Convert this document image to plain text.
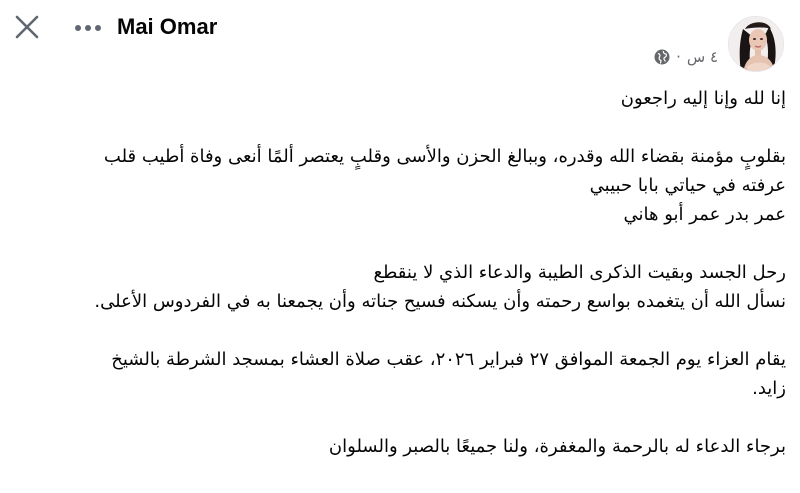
Mai Omar
٤ س
·

إنا لله وإنا إليه راجعون

بقلوبٍ مؤمنة بقضاء الله وقدره، وببالغ الحزن والأسى وقلبٍ يعتصر ألمًا أنعى وفاة أطيب قلب
عرفته في حياتي بابا حبيبي
عمر بدر عمر أبو هاني

رحل الجسد وبقيت الذكرى الطيبة والدعاء الذي لا ينقطع
نسأل الله أن يتغمده بواسع رحمته وأن يسكنه فسيح جناته وأن يجمعنا به في الفردوس الأعلى.

يقام العزاء يوم الجمعة الموافق ٢٧ فبراير ٢٠٢٦، عقب صلاة العشاء بمسجد الشرطة بالشيخ
زايد.

برجاء الدعاء له بالرحمة والمغفرة، ولنا جميعًا بالصبر والسلوان
